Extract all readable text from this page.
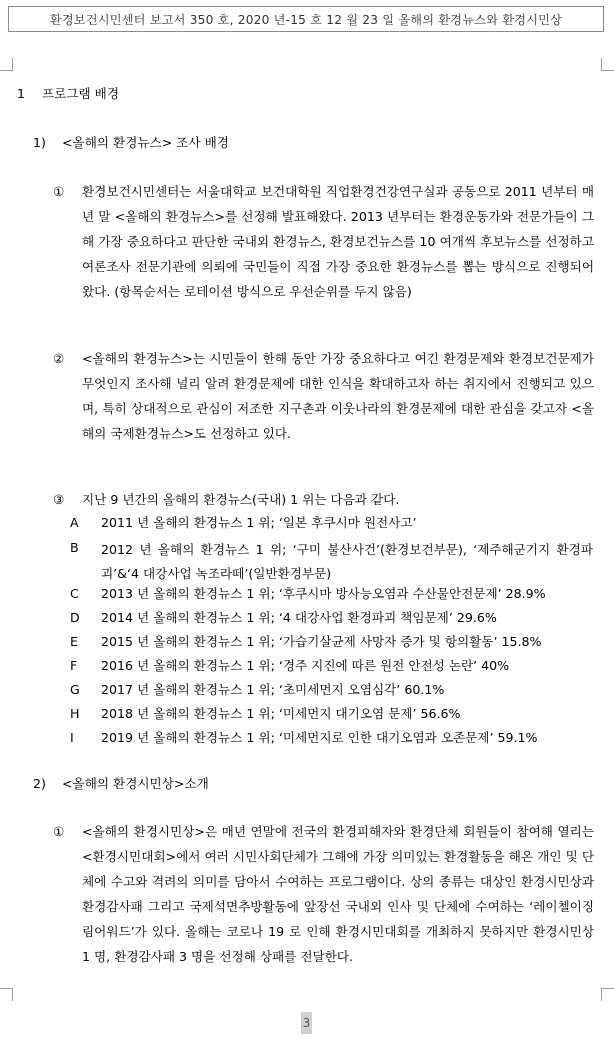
환경보건시민센터 보고서 350 호, 2020 년-15 호 12 월 23 일 올해의 환경뉴스와 환경시민상
1 프로그램 배경
1) <올해의 환경뉴스> 조사 배경
① 환경보건시민센터는 서울대학교 보건대학원 직업환경건강연구실과 공동으로 2011 년부터 매년 말 <올해의 환경뉴스>를 선정해 발표해왔다. 2013 년부터는 환경운동가와 전문가들이 그해 가장 중요하다고 판단한 국내외 환경뉴스, 환경보건뉴스를 10 여개씩 후보뉴스를 선정하고 여론조사 전문기관에 의뢰에 국민들이 직접 가장 중요한 환경뉴스를 뽑는 방식으로 진행되어왔다. (항목순서는 로테이션 방식으로 우선순위를 두지 않음)
② <올해의 환경뉴스>는 시민들이 한해 동안 가장 중요하다고 여긴 환경문제와 환경보건문제가 무엇인지 조사해 널리 알려 환경문제에 대한 인식을 확대하고자 하는 취지에서 진행되고 있으며, 특히 상대적으로 관심이 저조한 지구촌과 이웃나라의 환경문제에 대한 관심을 갖고자 <올해의 국제환경뉴스>도 선정하고 있다.
③ 지난 9 년간의 올해의 환경뉴스(국내) 1 위는 다음과 같다.
A 2011 년 올해의 환경뉴스 1 위; ‘일본 후쿠시마 원전사고’
B 2012 년 올해의 환경뉴스 1 위; ‘구미 불산사건’(환경보건부문), ‘제주해군기지 환경파괴’&‘4 대강사업 녹조라떼’(일반환경부문)
C 2013 년 올해의 환경뉴스 1 위; ‘후쿠시마 방사능오염과 수산물안전문제’ 28.9%
D 2014 년 올해의 환경뉴스 1 위; ‘4 대강사업 환경파괴 책임문제’ 29.6%
E 2015 년 올해의 환경뉴스 1 위; ‘가습기살균제 사망자 증가 및 항의활동’ 15.8%
F 2016 년 올해의 환경뉴스 1 위; ‘경주 지진에 따른 원전 안전성 논란’ 40%
G 2017 년 올해의 환경뉴스 1 위; ‘초미세먼지 오염심각’ 60.1%
H 2018 년 올해의 환경뉴스 1 위; ‘미세먼지 대기오염 문제’ 56.6%
I 2019 년 올해의 환경뉴스 1 위; ‘미세먼지로 인한 대기오염과 오존문제’ 59.1%
2) <올해의 환경시민상>소개
① <올해의 환경시민상>은 매년 연말에 전국의 환경피해자와 환경단체 회원들이 참여해 열리는 <환경시민대회>에서 여러 시민사회단체가 그해에 가장 의미있는 환경활동을 해온 개인 및 단체에 수고와 격려의 의미를 담아서 수여하는 프로그램이다. 상의 종류는 대상인 환경시민상과 환경감사패 그리고 국제석면추방활동에 앞장선 국내외 인사 및 단체에 수여하는 ‘레이첼이징림어워드’가 있다. 올해는 코로나 19 로 인해 환경시민대회를 개최하지 못하지만 환경시민상 1 명, 환경감사패 3 명을 선정해 상패를 전달한다.
3
